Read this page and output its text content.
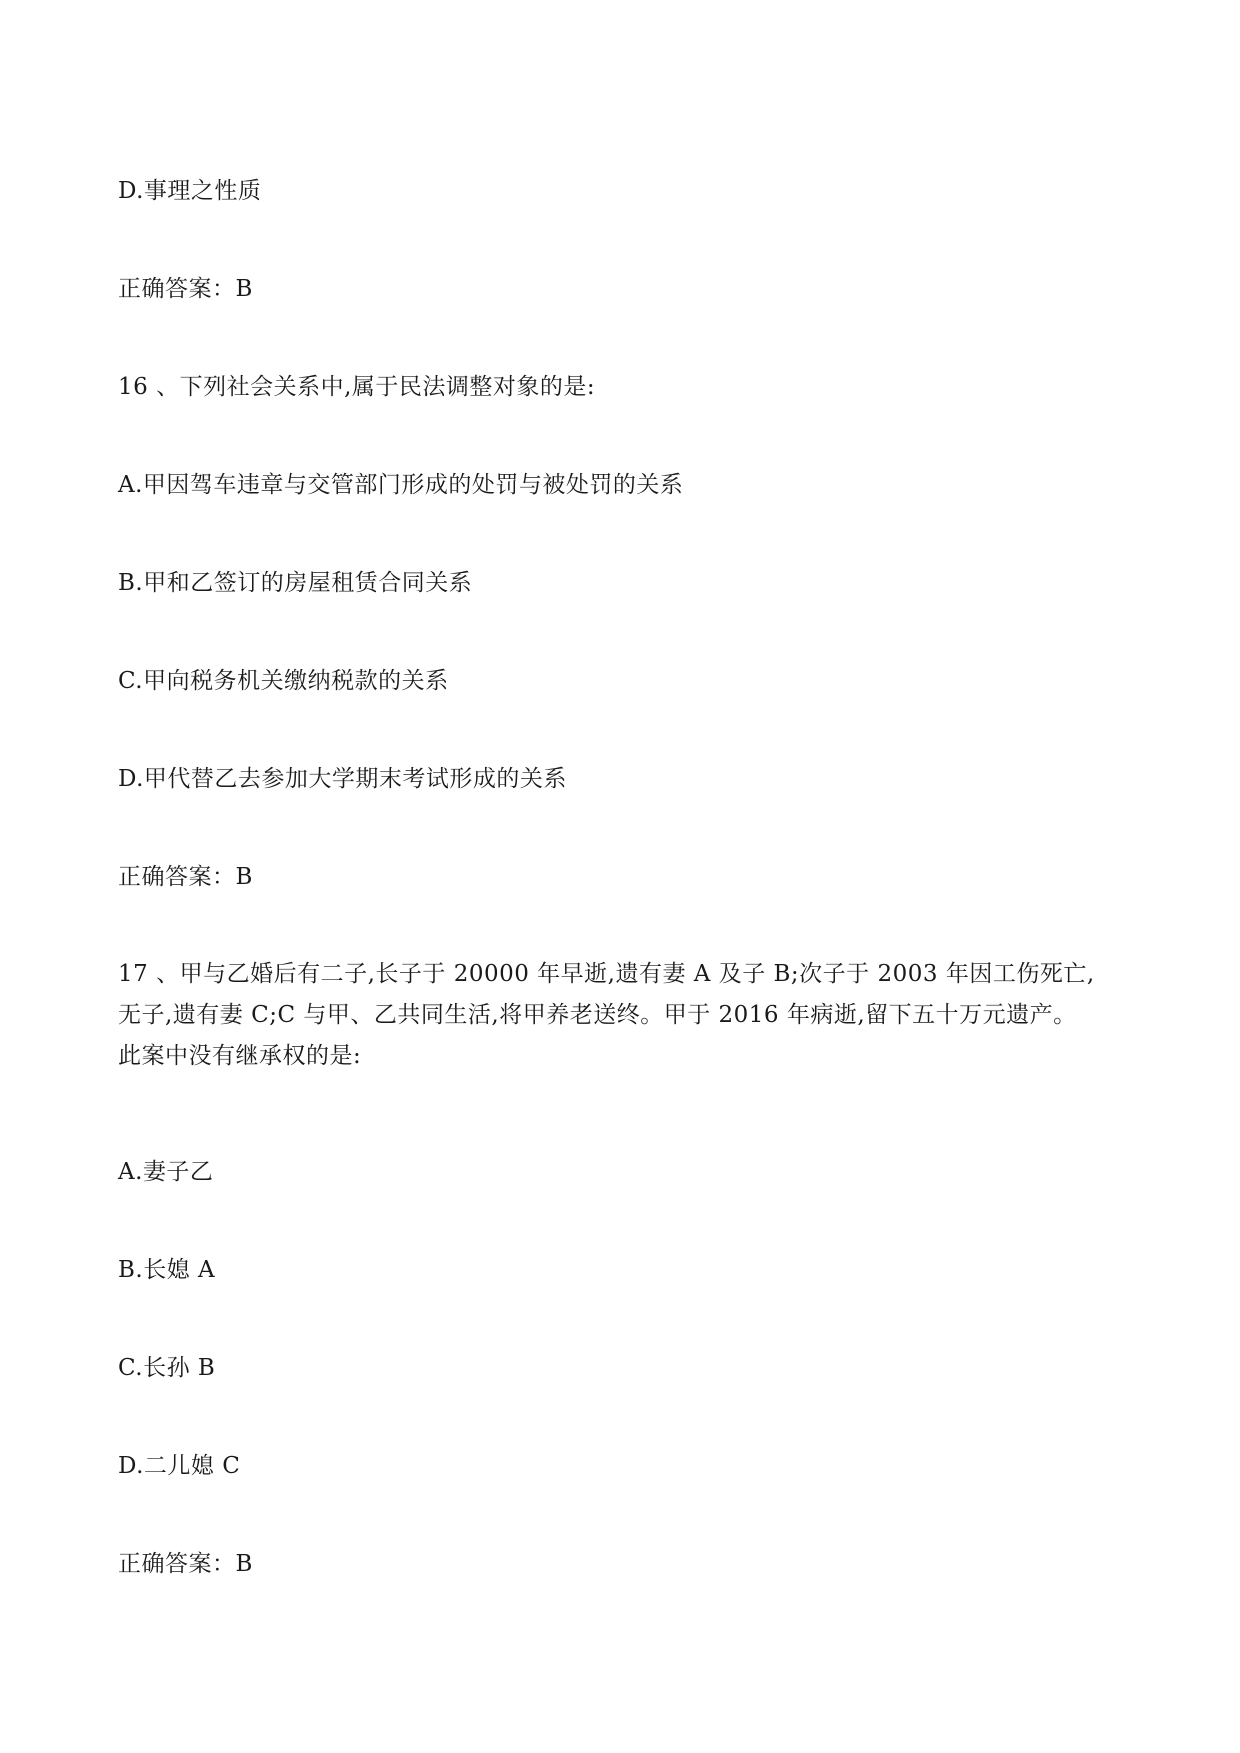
D.事理之性质
正确答案：B
16 、下列社会关系中,属于民法调整对象的是:
A.甲因驾车违章与交管部门形成的处罚与被处罚的关系
B.甲和乙签订的房屋租赁合同关系
C.甲向税务机关缴纳税款的关系
D.甲代替乙去参加大学期末考试形成的关系
正确答案：B
17 、甲与乙婚后有二子,长子于 20000 年早逝,遗有妻 A 及子 B;次子于 2003 年因工伤死亡,
无子,遗有妻 C;C 与甲、乙共同生活,将甲养老送终。甲于 2016 年病逝,留下五十万元遗产。
此案中没有继承权的是:
A.妻子乙
B.长媳 A
C.长孙 B
D.二儿媳 C
正确答案：B
